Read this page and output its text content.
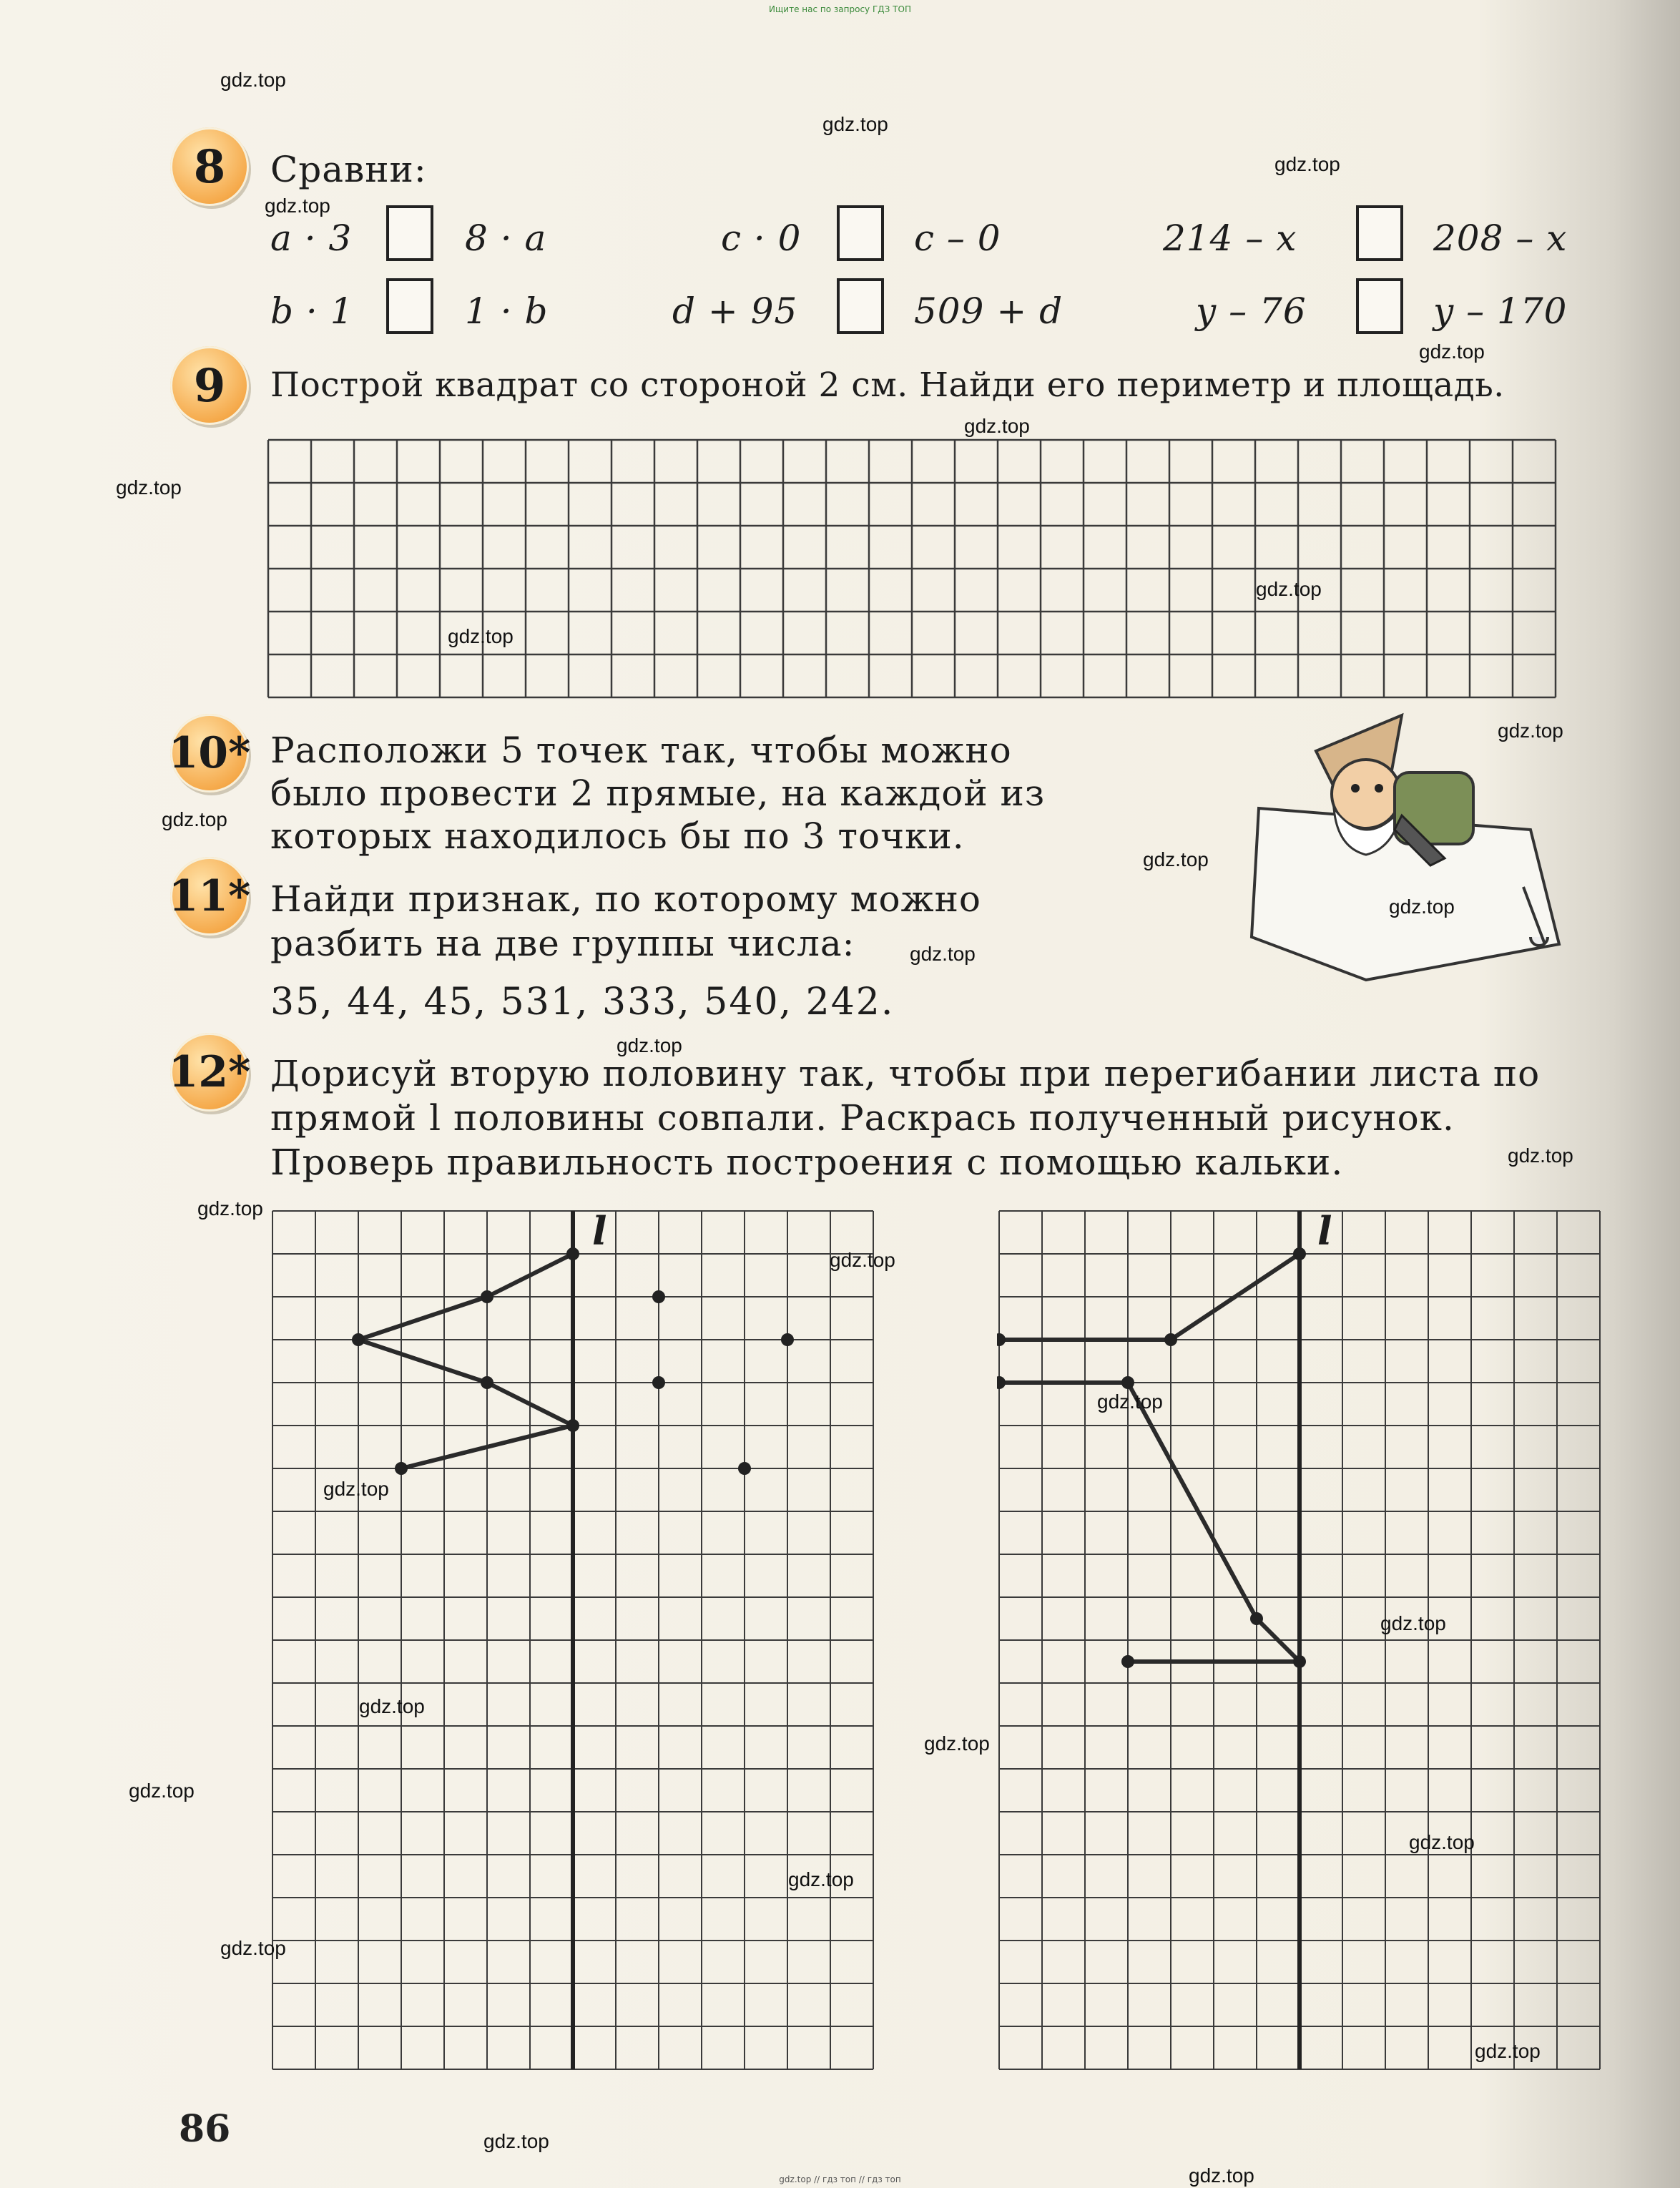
Ищите нас по запросу ГДЗ ТОП
8	Сравни:
a · 3	8 · a	c · 0	c – 0	214 – x	208 – x
b · 1	1 · b	d + 95	509 + d	y – 76	y – 170
9	Построй квадрат со стороной 2 см. Найди его периметр и площадь.
10* Расположи 5 точек так, чтобы можно
было провести 2 прямые, на каждой из
которых находилось бы по 3 точки.
11* Найди признак, по которому можно
разбить на две группы числа:
35, 44, 45, 531, 333, 540, 242.
12* Дорисуй вторую половину так, чтобы при перегибании листа по
прямой l половины совпали. Раскрась полученный рисунок.
Проверь правильность построения с помощью кальки.
l	l
86
gdz.top
gdz.top
gdz.top
gdz.top
gdz.top
gdz.top
gdz.top
gdz.top
gdz.top
gdz.top
gdz.top
gdz.top
gdz.top
gdz.top
gdz.top
gdz.top
gdz.top
gdz.top
gdz.top
gdz.top
gdz.top
gdz.top
gdz.top
gdz.top
gdz.top
gdz.top
gdz.top
gdz.top
gdz.top
gdz.top
gdz.top // гдз топ // гдз топ
